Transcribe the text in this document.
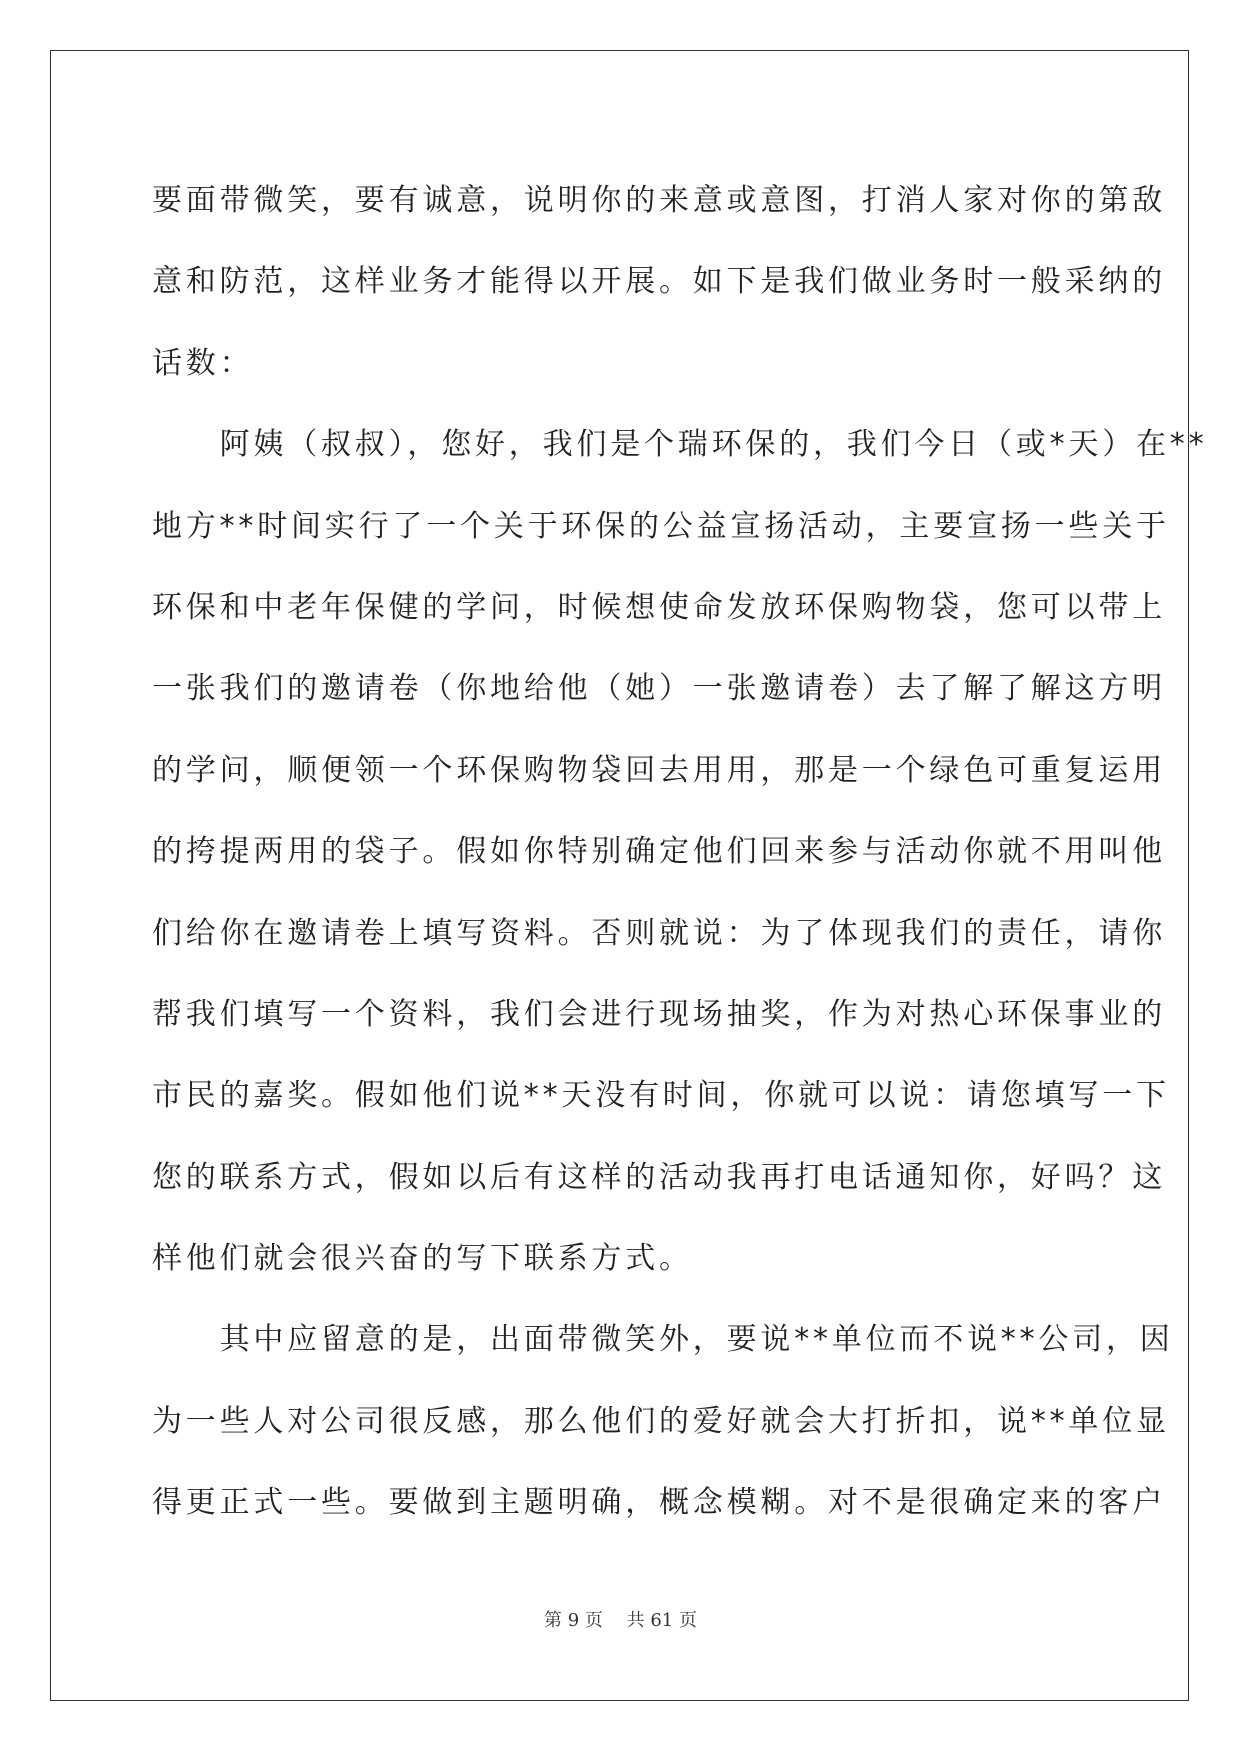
要面带微笑，要有诚意，说明你的来意或意图，打消人家对你的第敌
意和防范，这样业务才能得以开展。如下是我们做业务时一般采纳的
话数：
　　阿姨（叔叔），您好，我们是个瑞环保的，我们今日（或*天）在**
地方**时间实行了一个关于环保的公益宣扬活动，主要宣扬一些关于
环保和中老年保健的学问，时候想使命发放环保购物袋，您可以带上
一张我们的邀请卷（你地给他（她）一张邀请卷）去了解了解这方明
的学问，顺便领一个环保购物袋回去用用，那是一个绿色可重复运用
的挎提两用的袋子。假如你特别确定他们回来参与活动你就不用叫他
们给你在邀请卷上填写资料。否则就说：为了体现我们的责任，请你
帮我们填写一个资料，我们会进行现场抽奖，作为对热心环保事业的
市民的嘉奖。假如他们说**天没有时间，你就可以说：请您填写一下
您的联系方式，假如以后有这样的活动我再打电话通知你，好吗？这
样他们就会很兴奋的写下联系方式。
　　其中应留意的是，出面带微笑外，要说**单位而不说**公司，因
为一些人对公司很反感，那么他们的爱好就会大打折扣，说**单位显
得更正式一些。要做到主题明确，概念模糊。对不是很确定来的客户
第 9 页　 共 61 页
